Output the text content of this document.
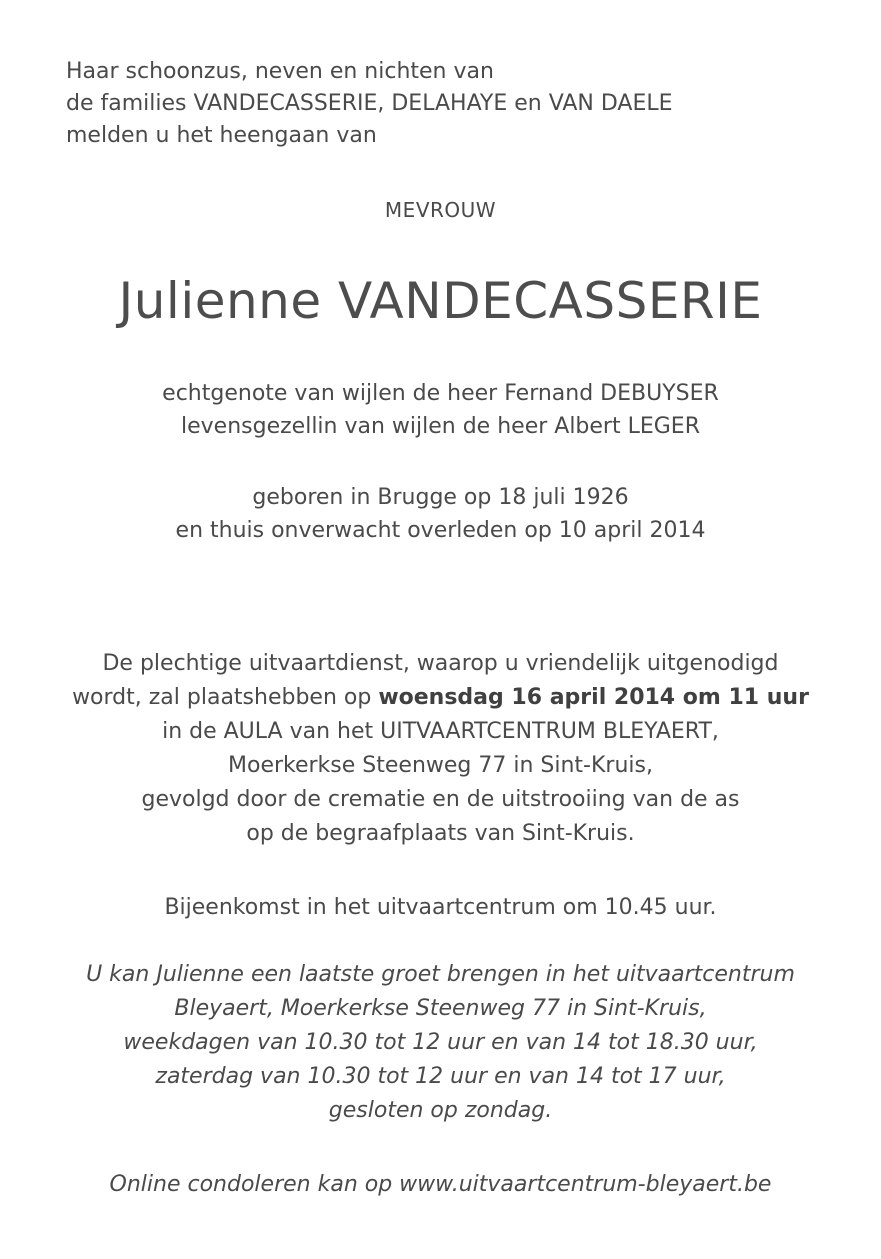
Haar schoonzus, neven en nichten van
de families VANDECASSERIE, DELAHAYE en VAN DAELE
melden u het heengaan van
MEVROUW
Julienne VANDECASSERIE
echtgenote van wijlen de heer Fernand DEBUYSER
levensgezellin van wijlen de heer Albert LEGER
geboren in Brugge op 18 juli 1926
en thuis onverwacht overleden op 10 april 2014
De plechtige uitvaartdienst, waarop u vriendelijk uitgenodigd
wordt, zal plaatshebben op woensdag 16 april 2014 om 11 uur
in de AULA van het UITVAARTCENTRUM BLEYAERT,
Moerkerkse Steenweg 77 in Sint-Kruis,
gevolgd door de crematie en de uitstrooiing van de as
op de begraafplaats van Sint-Kruis.
Bijeenkomst in het uitvaartcentrum om 10.45 uur.
U kan Julienne een laatste groet brengen in het uitvaartcentrum
Bleyaert, Moerkerkse Steenweg 77 in Sint-Kruis,
weekdagen van 10.30 tot 12 uur en van 14 tot 18.30 uur,
zaterdag van 10.30 tot 12 uur en van 14 tot 17 uur,
gesloten op zondag.
Online condoleren kan op www.uitvaartcentrum-bleyaert.be
